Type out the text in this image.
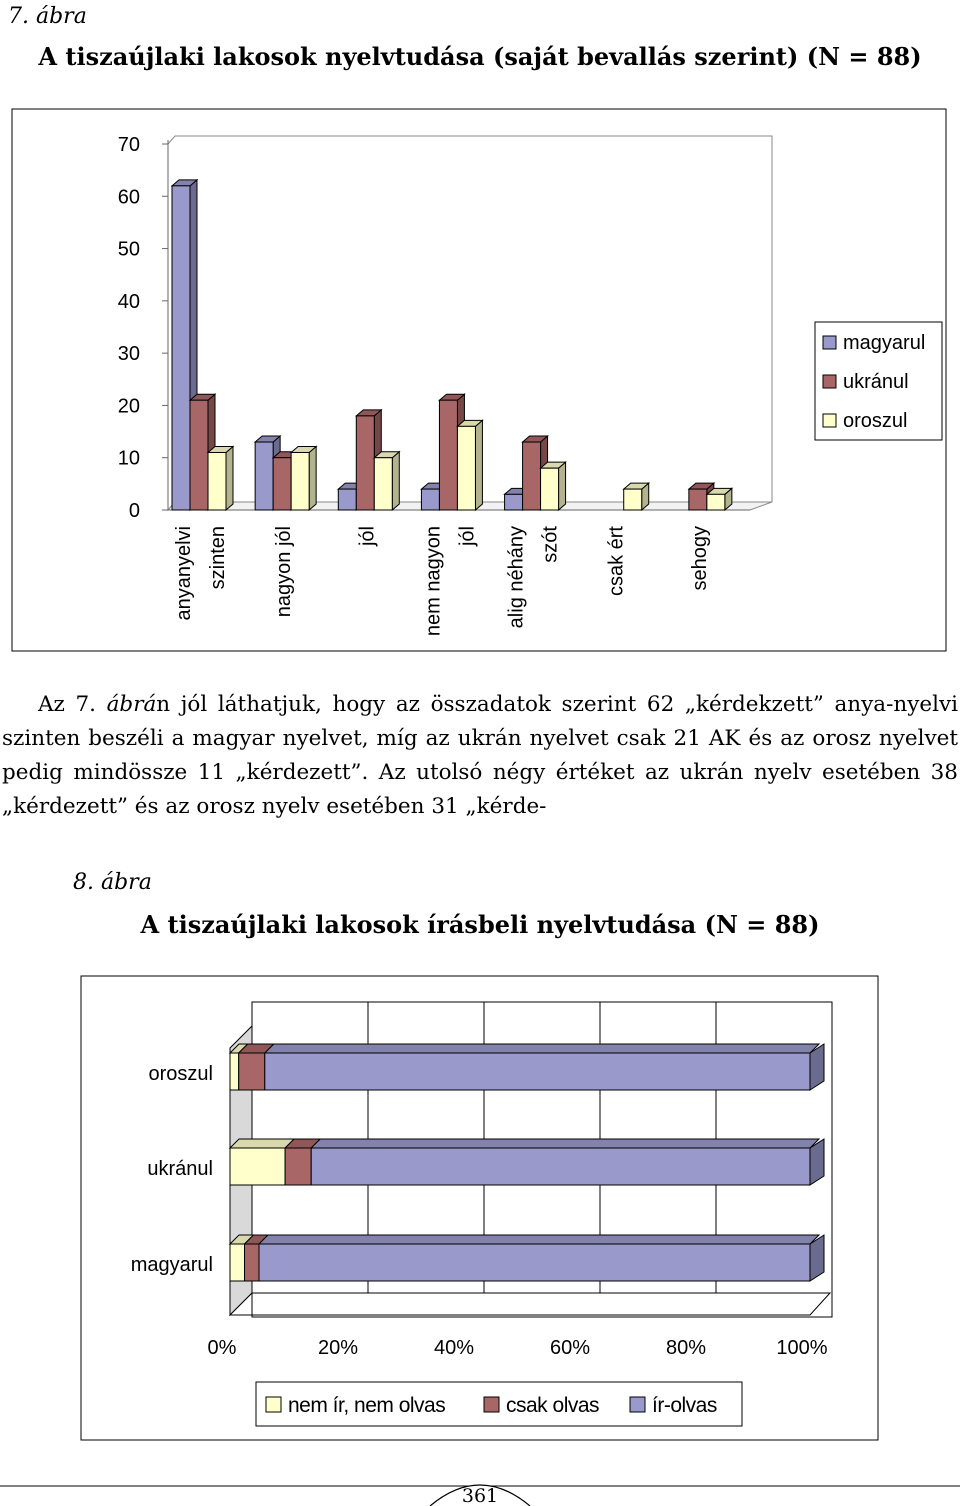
7. ábra
A tiszaújlaki lakosok nyelvtudása (saját bevallás szerint) (N = 88)
0
10
20
30
40
50
60
70
anyanyelvi szinten nagyon jól	jól nem nagyon jól alig néhány szót csak ért	sehogy
magyarul
ukránul
oroszul

Az 7. ábrán jól láthatjuk, hogy az összadatok szerint 62 „kérdekzett” anya-nyelvi szinten beszéli a magyar nyelvet, míg az ukrán nyelvet csak 21 AK és az orosz nyelvet pedig mindössze 11 „kérdezett”. Az utolsó négy értéket az ukrán nyelv esetében 38 „kérdezett” és az orosz nyelv esetében 31 „kérde-

8. ábra
A tiszaújlaki lakosok írásbeli nyelvtudása (N = 88)
oroszul
ukránul
magyarul
0%	20%	40%	60%	80%	100%
nem ír, nem olvas	csak olvas	ír-olvas
361
